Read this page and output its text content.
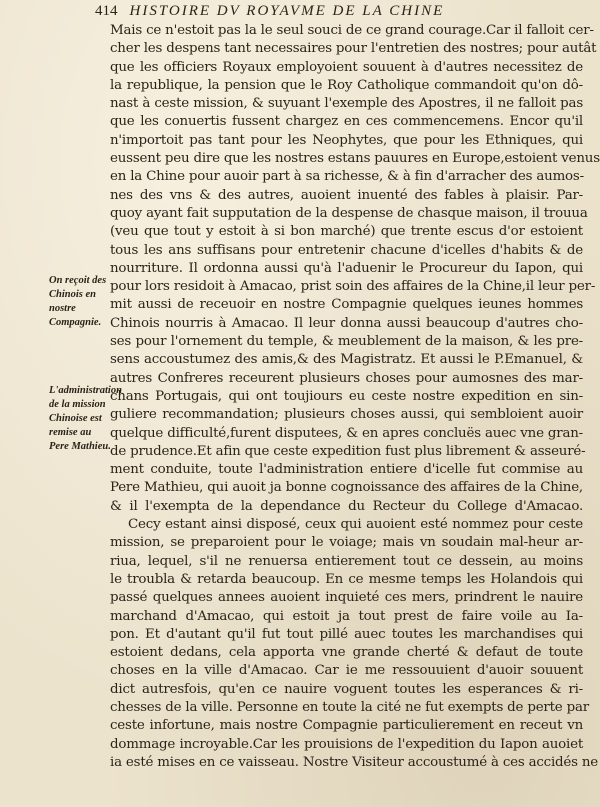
414 HISTOIRE DV ROYAVME DE LA CHINE
On reçoit des Chinois en nostre Compagnie.
L'administration de la mission Chinoise est remise au Pere Mathieu.
Mais ce n'estoit pas la le seul souci de ce grand courage.Car il falloit cer-
cher les despens tant necessaires pour l'entretien des nostres; pour autât
que les officiers Royaux employoient souuent à d'autres necessitez de
la republique, la pension que le Roy Catholique commandoit qu'on dô-
nast à ceste mission, & suyuant l'exemple des Apostres, il ne falloit pas
que les conuertis fussent chargez en ces commencemens. Encor qu'il
n'importoit pas tant pour les Neophytes, que pour les Ethniques, qui
eussent peu dire que les nostres estans pauures en Europe,estoient venus
en la Chine pour auoir part à sa richesse, & à fin d'arracher des aumos-
nes des vns & des autres, auoient inuenté des fables à plaisir. Par-
quoy ayant fait supputation de la despense de chasque maison, il trouua
(veu que tout y estoit à si bon marché) que trente escus d'or estoient
tous les ans suffisans pour entretenir chacune d'icelles d'habits & de
nourriture. Il ordonna aussi qu'à l'aduenir le Procureur du Iapon, qui
pour lors residoit à Amacao, prist soin des affaires de la Chine,il leur per-
mit aussi de receuoir en nostre Compagnie quelques ieunes hommes
Chinois nourris à Amacao. Il leur donna aussi beaucoup d'autres cho-
ses pour l'ornement du temple, & meublement de la maison, & les pre-
sens accoustumez des amis,& des Magistratz. Et aussi le P.Emanuel, &
autres Confreres receurent plusieurs choses pour aumosnes des mar-
chans Portugais, qui ont toujiours eu ceste nostre expedition en sin-
guliere recommandation; plusieurs choses aussi, qui sembloient auoir
quelque difficulté,furent disputees, & en apres concluës auec vne gran-
de prudence.Et afin que ceste expedition fust plus librement & asseuré-
ment conduite, toute l'administration entiere d'icelle fut commise au
Pere Mathieu, qui auoit ja bonne cognoissance des affaires de la Chine,
& il l'exempta de la dependance du Recteur du College d'Amacao.
Cecy estant ainsi disposé, ceux qui auoient esté nommez pour ceste
mission, se preparoient pour le voiage; mais vn soudain mal-heur ar-
riua, lequel, s'il ne renuersa entierement tout ce dessein, au moins
le troubla & retarda beaucoup. En ce mesme temps les Holandois qui
passé quelques annees auoient inquieté ces mers, prindrent le nauire
marchand d'Amacao, qui estoit ja tout prest de faire voile au Ia-
pon. Et d'autant qu'il fut tout pillé auec toutes les marchandises qui
estoient dedans, cela apporta vne grande cherté & defaut de toute
choses en la ville d'Amacao. Car ie me ressouuient d'auoir souuent
dict autresfois, qu'en ce nauire voguent toutes les esperances & ri-
chesses de la ville. Personne en toute la cité ne fut exempts de perte par
ceste infortune, mais nostre Compagnie particulierement en receut vn
dommage incroyable.Car les prouisions de l'expedition du Iapon auoiet
ia esté mises en ce vaisseau. Nostre Visiteur accoustumé à ces accidés ne
